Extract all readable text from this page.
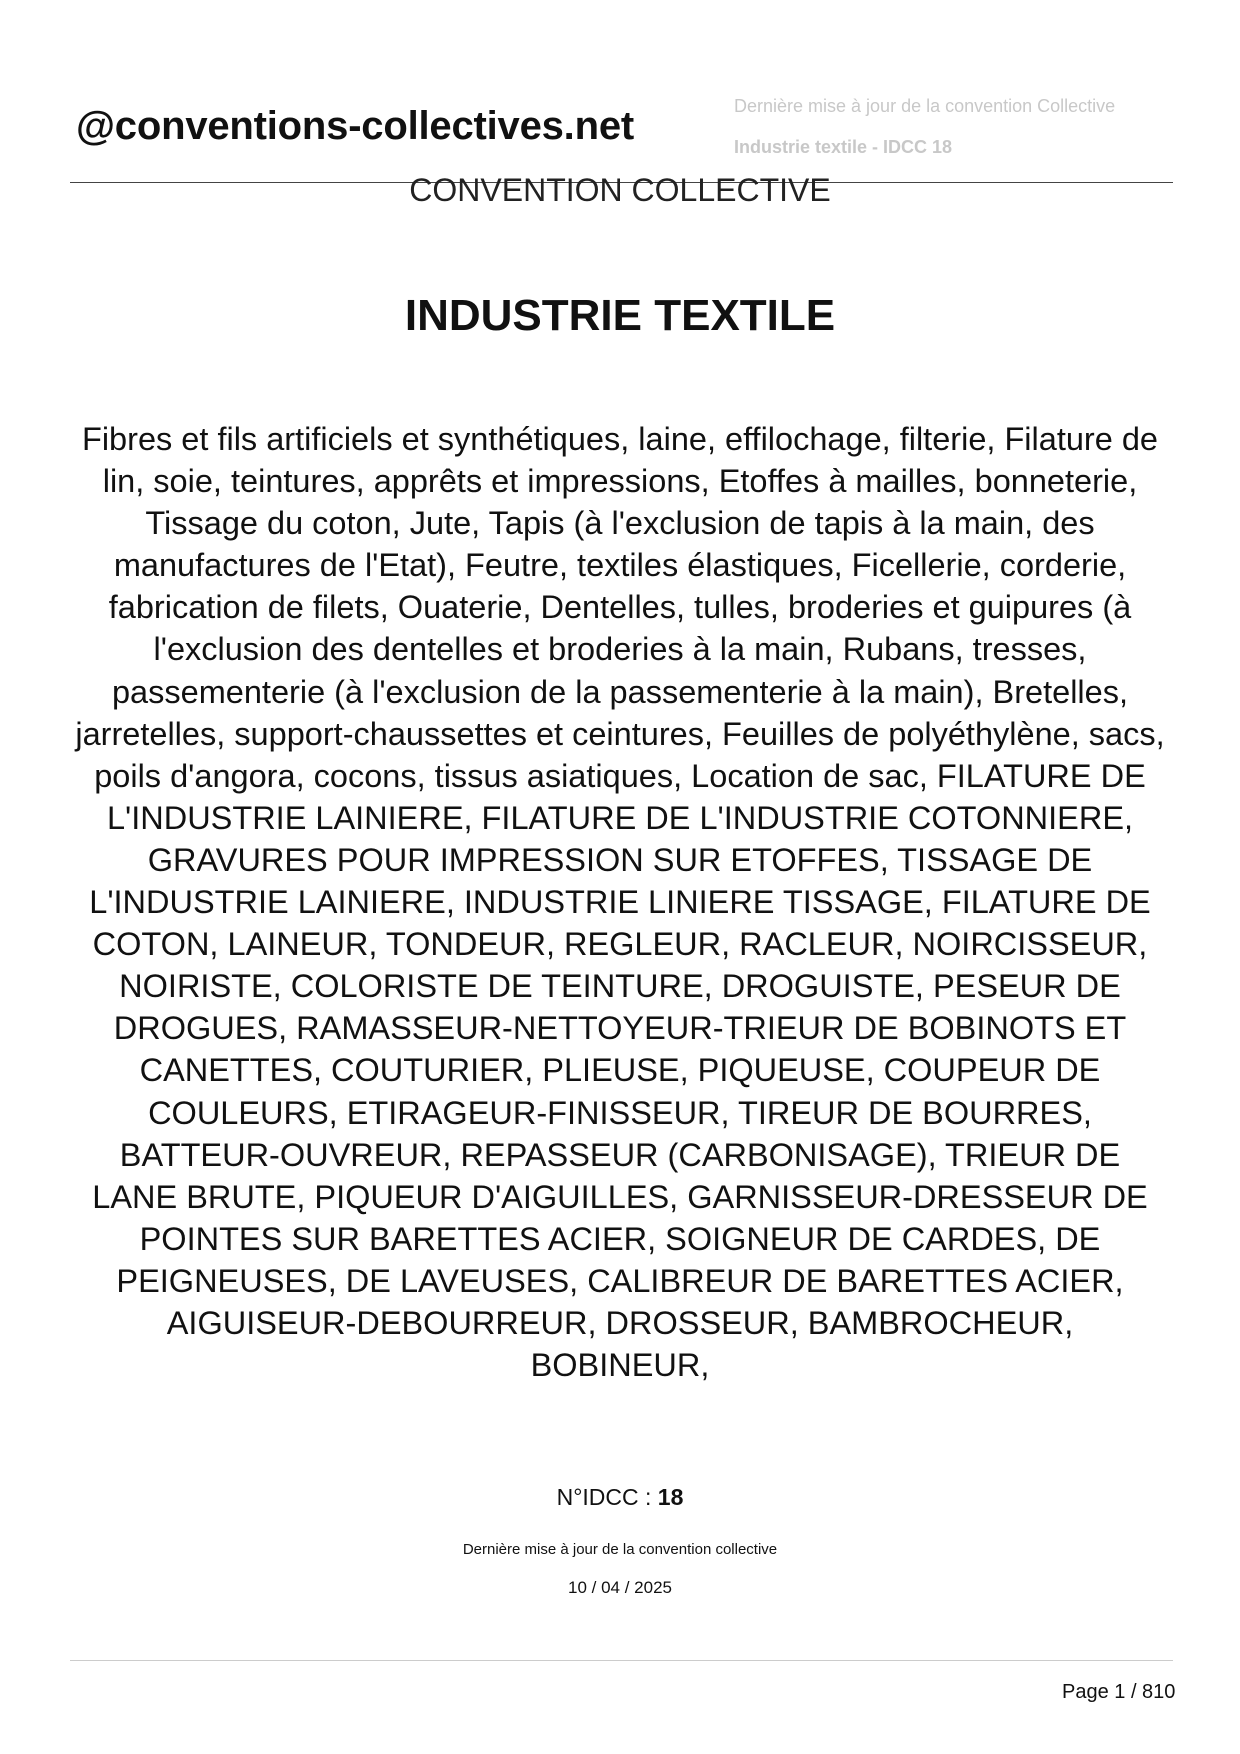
@conventions-collectives.net	Dernière mise à jour de la convention Collective
Industrie textile - IDCC 18
CONVENTION COLLECTIVE
INDUSTRIE TEXTILE
Fibres et fils artificiels et synthétiques, laine, effilochage, filterie, Filature de lin, soie, teintures, apprêts et impressions, Etoffes à mailles, bonneterie, Tissage du coton, Jute, Tapis (à l'exclusion de tapis à la main, des manufactures de l'Etat), Feutre, textiles élastiques, Ficellerie, corderie, fabrication de filets, Ouaterie, Dentelles, tulles, broderies et guipures (à l'exclusion des dentelles et broderies à la main, Rubans, tresses, passementerie (à l'exclusion de la passementerie à la main), Bretelles, jarretelles, support-chaussettes et ceintures, Feuilles de polyéthylène, sacs, poils d'angora, cocons, tissus asiatiques, Location de sac, FILATURE DE L'INDUSTRIE LAINIERE, FILATURE DE L'INDUSTRIE COTONNIERE, GRAVURES POUR IMPRESSION SUR ETOFFES, TISSAGE DE L'INDUSTRIE LAINIERE, INDUSTRIE LINIERE TISSAGE, FILATURE DE COTON, LAINEUR, TONDEUR, REGLEUR, RACLEUR, NOIRCISSEUR, NOIRISTE, COLORISTE DE TEINTURE, DROGUISTE, PESEUR DE DROGUES, RAMASSEUR-NETTOYEUR-TRIEUR DE BOBINOTS ET CANETTES, COUTURIER, PLIEUSE, PIQUEUSE, COUPEUR DE COULEURS, ETIRAGEUR-FINISSEUR, TIREUR DE BOURRES, BATTEUR-OUVREUR, REPASSEUR (CARBONISAGE), TRIEUR DE LANE BRUTE, PIQUEUR D'AIGUILLES, GARNISSEUR-DRESSEUR DE POINTES SUR BARETTES ACIER, SOIGNEUR DE CARDES, DE PEIGNEUSES, DE LAVEUSES, CALIBREUR DE BARETTES ACIER, AIGUISEUR-DEBOURREUR, DROSSEUR, BAMBROCHEUR, BOBINEUR,
N°IDCC : 18
Dernière mise à jour de la convention collective
10 / 04 / 2025
Page 1 / 810
